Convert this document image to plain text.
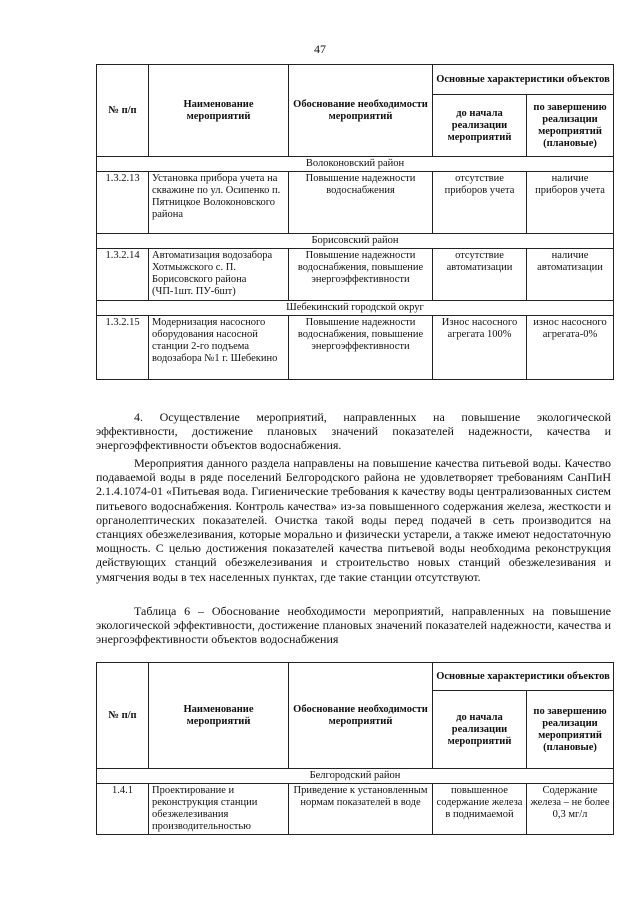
47
№ п/п	Наименование мероприятий	Обоснование необходимости мероприятий	Основные характеристики объектов	
			до начала реализации мероприятий	по завершению реализации мероприятий (плановые)
Волоконовский район				
1.3.2.13	Установка прибора учета на скважине по ул. Осипенко п. Пятницкое Волоконовского района	Повышение надежности водоснабжения	отсутствие приборов учета	наличие приборов учета
Борисовский район				
1.3.2.14	Автоматизация водозабора Хотмыжского с. П. Борисовского района (ЧП-1шт. ПУ-6шт)	Повышение надежности водоснабжения, повышение энергоэффективности	отсутствие автоматизации	наличие автоматизации
Шебекинский городской округ				
1.3.2.15	Модернизация насосного оборудования насосной станции 2-го подъема водозабора №1 г. Шебекино	Повышение надежности водоснабжения, повышение энергоэффективности	Износ насосного агрегата 100%	износ насосного агрегата-0%

4. Осуществление мероприятий, направленных на повышение экологической эффективности, достижение плановых значений показателей надежности, качества и энергоэффективности объектов водоснабжения.

Мероприятия данного раздела направлены на повышение качества питьевой воды. Качество подаваемой воды в ряде поселений Белгородского района не удовлетворяет требованиям СанПиН 2.1.4.1074-01 «Питьевая вода. Гигиенические требования к качеству воды централизованных систем питьевого водоснабжения. Контроль качества» из-за повышенного содержания железа, жесткости и органолептических показателей. Очистка такой воды перед подачей в сеть производится на станциях обезжелезивания, которые морально и физически устарели, а также имеют недостаточную мощность. С целью достижения показателей качества питьевой воды необходима реконструкция действующих станций обезжелезивания и строительство новых станций обезжелезивания и умягчения воды в тех населенных пунктах, где такие станции отсутствуют.

Таблица 6 – Обоснование необходимости мероприятий, направленных на повышение экологической эффективности, достижение плановых значений показателей надежности, качества и энергоэффективности объектов водоснабжения

№ п/п	Наименование мероприятий	Обоснование необходимости мероприятий	Основные характеристики объектов	
			до начала реализации мероприятий	по завершению реализации мероприятий (плановые)
Белгородский район				
1.4.1	Проектирование и реконструкция станции обезжелезивания производительностью	Приведение к установленным нормам показателей в воде	повышенное содержание железа в поднимаемой	Содержание железа – не более 0,3 мг/л
